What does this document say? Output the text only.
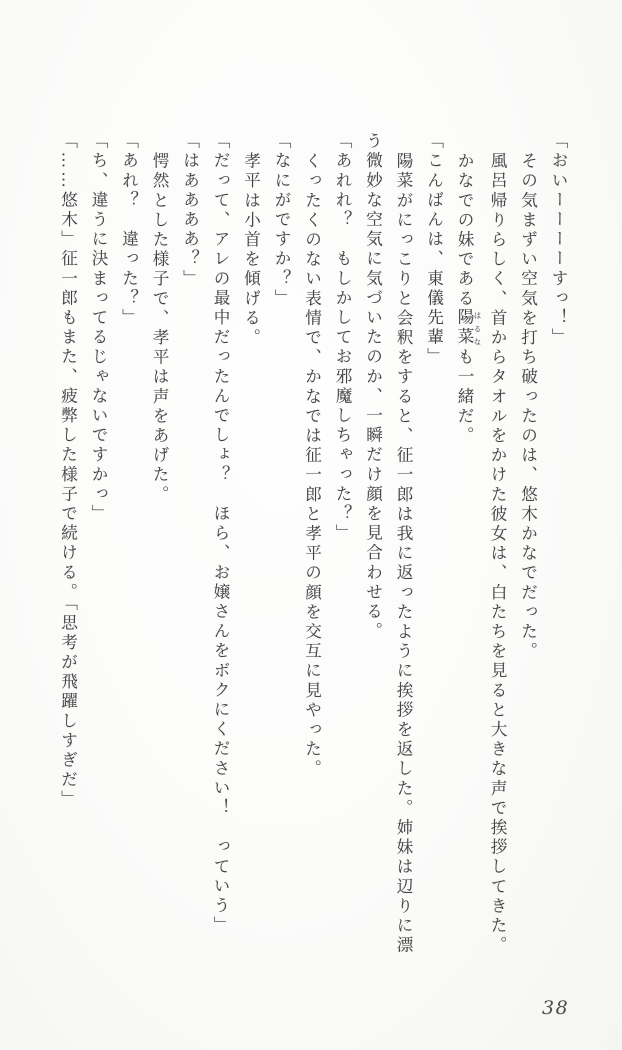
「おいーーーーすっ！」

その気まずい空気を打ち破ったのは、悠木かなでだった。

風呂帰りらしく、首からタオルをかけた彼女は、白たちを見ると大きな声で挨拶してきた。

かなでの妹である陽菜 はるなも一緒だ。

「こんばんは、東儀先輩」

陽菜がにっこりと会釈をすると、征一郎は我に返ったように挨拶を返した。姉妹は辺りに漂う微妙な空気に気づいたのか、一瞬だけ顔を見合わせる。

「あれれ？　もしかしてお邪魔しちゃった？」

くったくのない表情で、かなでは征一郎と孝平の顔を交互に見やった。

「なにがですか？」

孝平は小首を傾げる。

「だって、アレの最中だったんでしょ？　ほら、お嬢さんをボクにください！　っていう」

「はああああ？」

愕然とした様子で、孝平は声をあげた。

「あれ？　違った？」

「ち、違うに決まってるじゃないですかっ」

「……悠木」征一郎もまた、疲弊した様子で続ける。「思考が飛躍しすぎだ」

38
